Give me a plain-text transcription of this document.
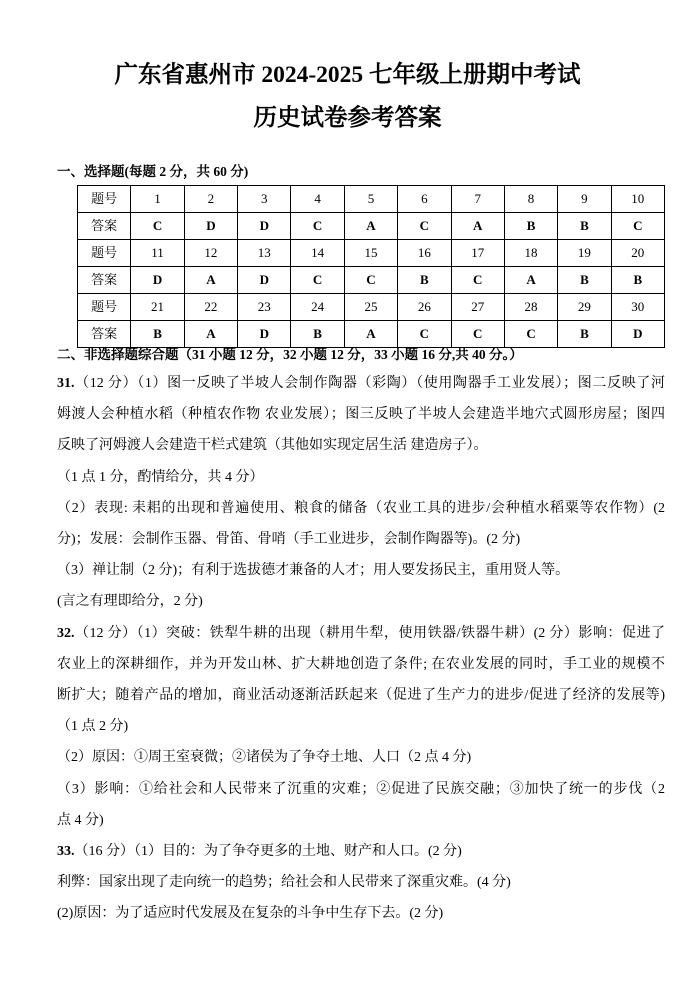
广东省惠州市 2024-2025 七年级上册期中考试
历史试卷参考答案
一、选择题(每题 2 分，共 60 分)
题号	1	2	3	4	5	6	7	8	9	10
答案	C	D	D	C	A	C	A	B	B	C
题号	11	12	13	14	15	16	17	18	19	20
答案	D	A	D	C	C	B	C	A	B	B
题号	21	22	23	24	25	26	27	28	29	30
答案	B	A	D	B	A	C	C	C	B	D
二、非选择题综合题（31 小题 12 分，32 小题 12 分，33 小题 16 分,共 40 分。）
31.（12 分）（1）图一反映了半坡人会制作陶器（彩陶）（使用陶器手工业发展）；图二反映了河
姆渡人会种植水稻（种植农作物 农业发展）；图三反映了半坡人会建造半地穴式圆形房屋；图四
反映了河姆渡人会建造干栏式建筑（其他如实现定居生活 建造房子）。
（1 点 1 分，酌情给分，共 4 分）
（2）表现: 耒耜的出现和普遍使用、粮食的储备（农业工具的进步/会种植水稻粟等农作物）(2
分)；发展：会制作玉器、骨笛、骨哨（手工业进步，会制作陶器等)。(2 分)
（3）禅让制（2 分)；有利于选拔德才兼备的人才；用人要发扬民主，重用贤人等。
(言之有理即给分，2 分)
32.（12 分）（1）突破：铁犁牛耕的出现（耕用牛犁，使用铁器/铁器牛耕）(2 分）影响：促进了
农业上的深耕细作，并为开发山林、扩大耕地创造了条件; 在农业发展的同时，手工业的规模不
断扩大；随着产品的增加，商业活动逐渐活跃起来（促进了生产力的进步/促进了经济的发展等)
（1 点 2 分)
（2）原因：①周王室衰微；②诸侯为了争夺土地、人口（2 点 4 分)
（3）影响：①给社会和人民带来了沉重的灾难；②促进了民族交融；③加快了统一的步伐（2
点 4 分)
33.（16 分）（1）目的：为了争夺更多的土地、财产和人口。(2 分)
利弊：国家出现了走向统一的趋势；给社会和人民带来了深重灾难。(4 分)
(2)原因：为了适应时代发展及在复杂的斗争中生存下去。(2 分)
